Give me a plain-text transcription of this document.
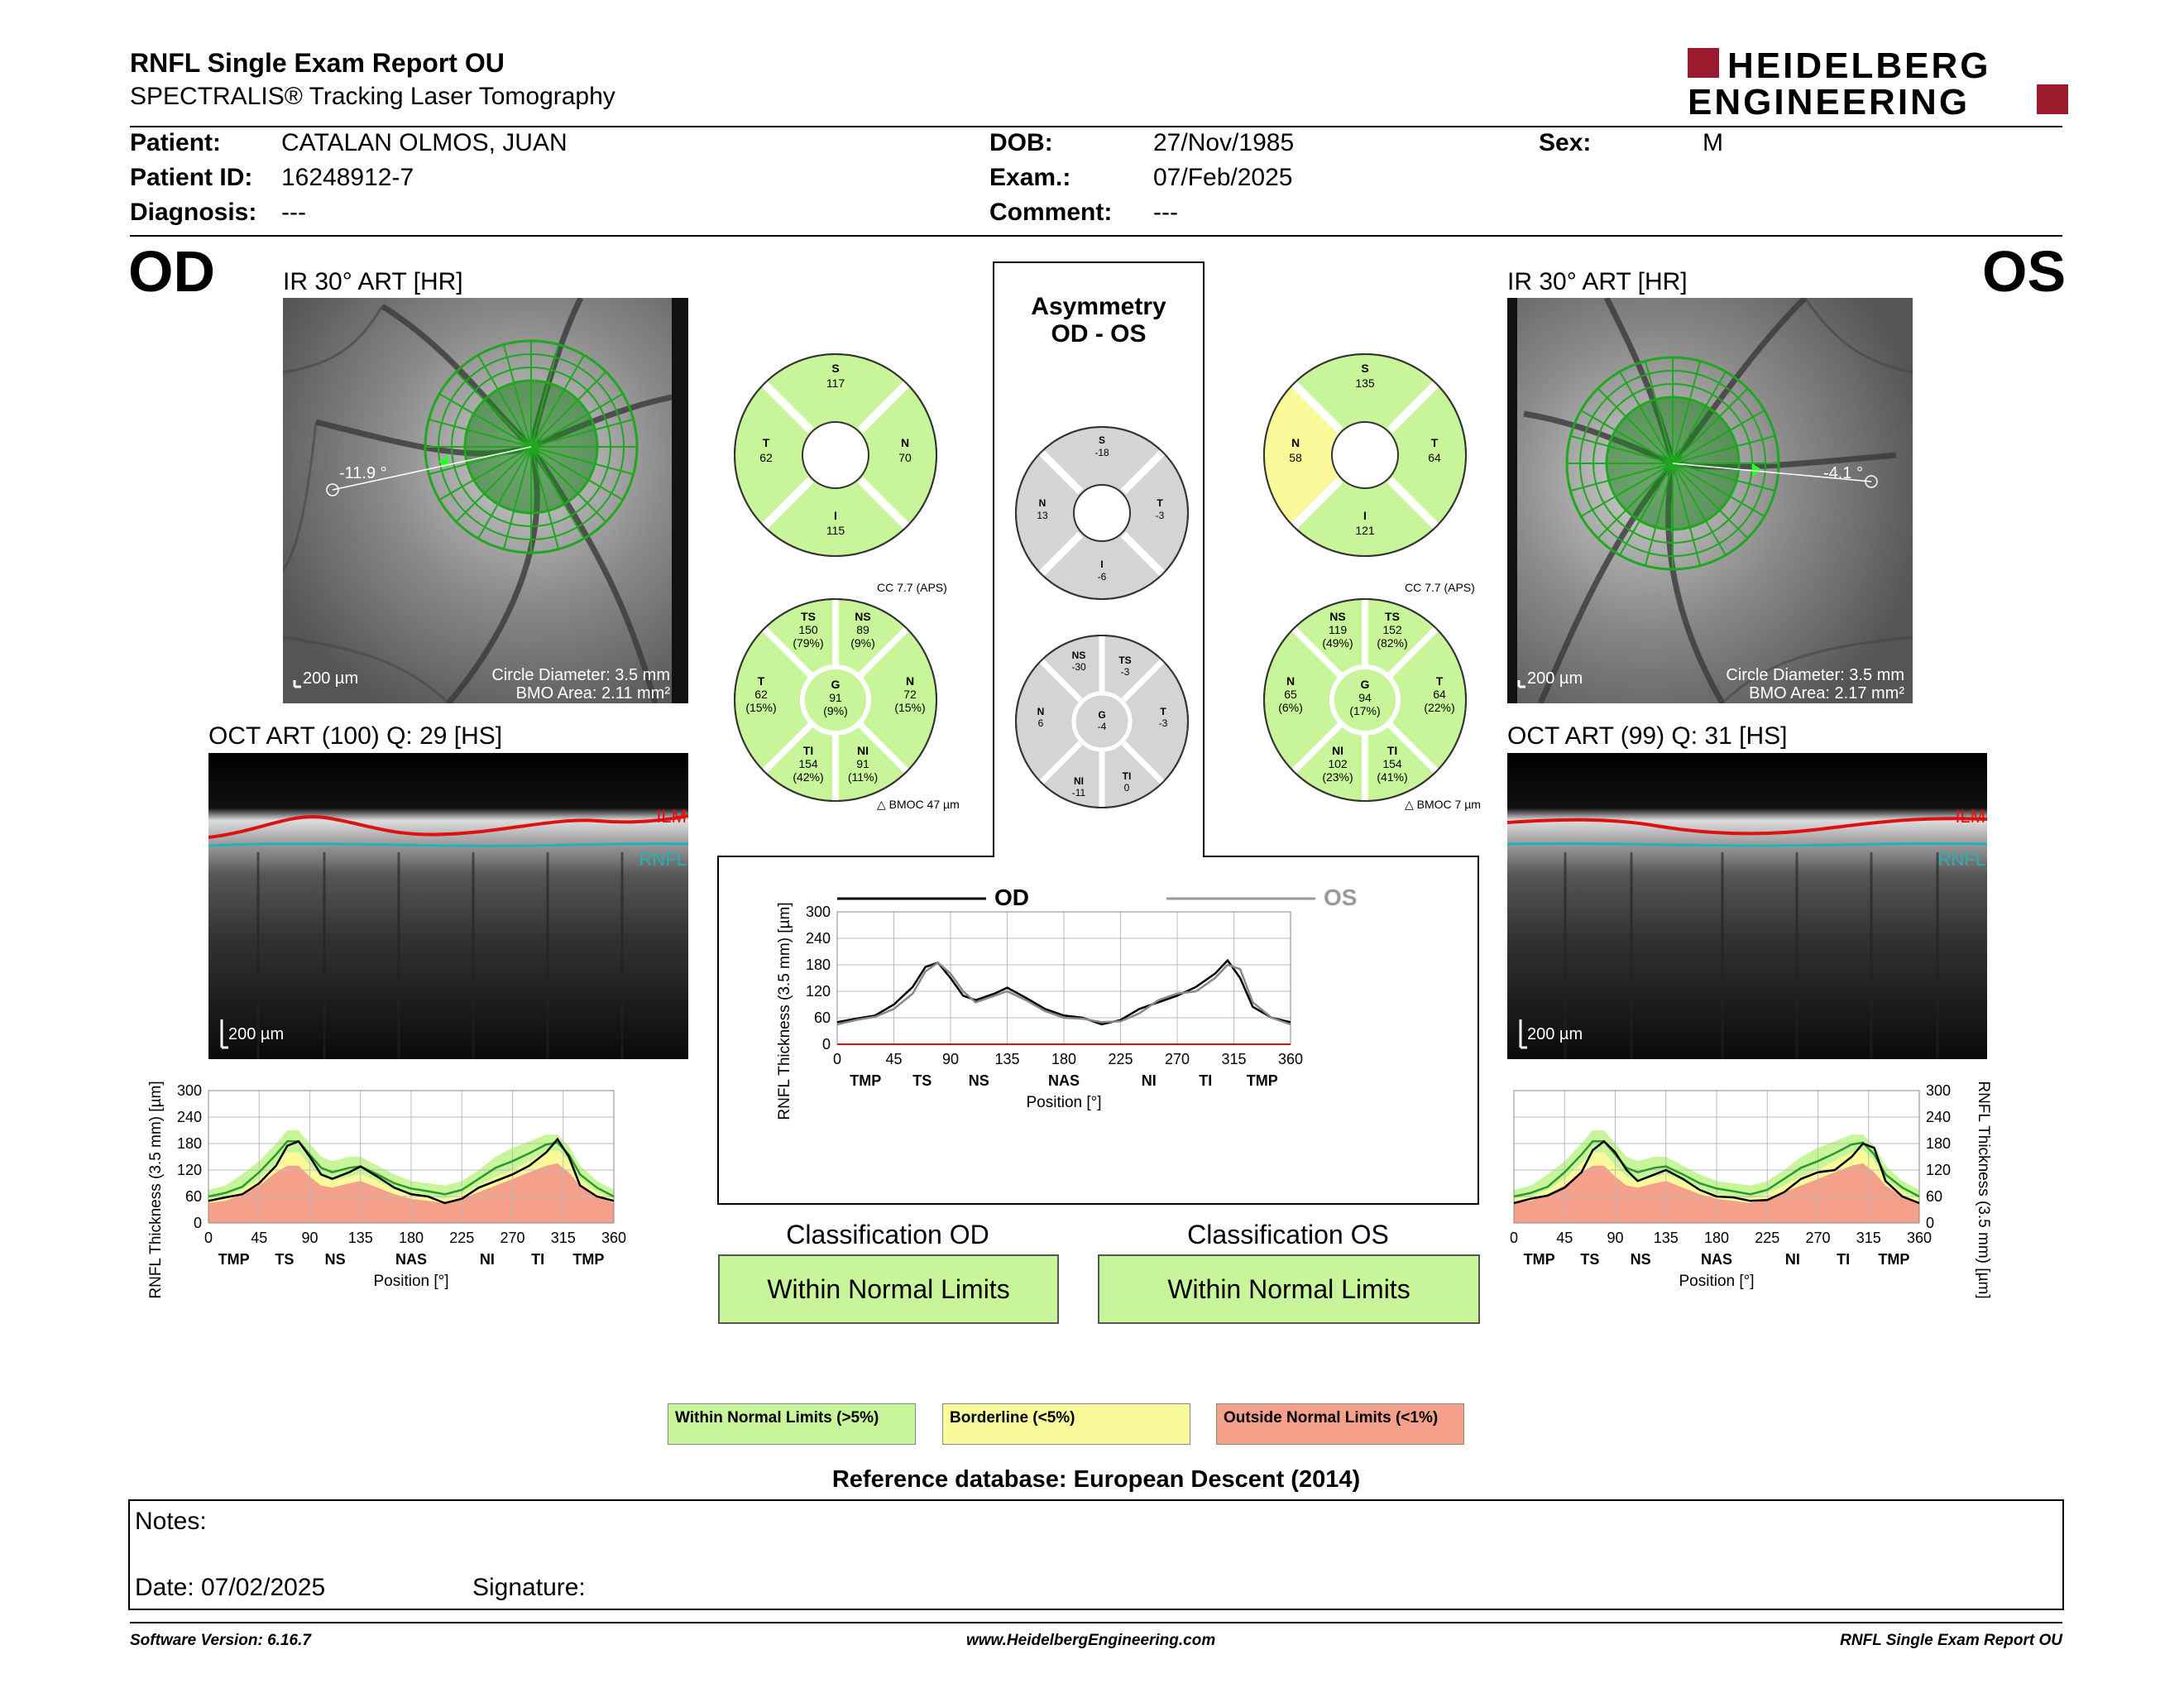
RNFL Single Exam Report OU
SPECTRALIS® Tracking Laser Tomography
HEIDELBERG
ENGINEERING
Patient: CATALAN OLMOS, JUAN
Patient ID: 16248912-7
Diagnosis: ---
DOB:	27/Nov/1985
Exam.:	07/Feb/2025
Comment: ---
Sex:	M
OD	IR 30° ART [HR]
-11.9 °
200 µm	Circle Diameter: 3.5 mm
BMO Area: 2.11 mm²
OCT ART (100) Q: 29 [HS]
ILM
RNFL
200 µm
0
60
120
180
240
300
0	45 90 135 180 225 270 315 360
TMP TS NS	NAS	NI TI TMP
Position [°]
RNFL Thickness (3.5 mm) [µm]
OS
IR 30° ART [HR]
-4.1 °
200 µm	Circle Diameter: 3.5 mm
BMO Area: 2.17 mm²
OCT ART (99) Q: 31 [HS]
ILM
RNFL
200 µm
0
60
120
180
240
300
0	45 90 135 180 225 270 315 360
TMP TS NS	NAS	NI TI TMP
Position [°]	RNFL Thickness (3.5 mm) [µm]
S
117
N
70
I
115
T
62
CC 7.7 (APS)
TS
150
(79%)
NS
89
(9%)
N
72
(15%)
NI
91
(11%)
TI
154
(42%)
T
62
(15%)
G
91
(9%)
△ BMOC 47 µm
S
135
T
64
I
121
N
58
CC 7.7 (APS)
NS
119
(49%)
TS
152
(82%)
T
64
(22%)
TI
154
(41%)
NI
102
(23%)
N
65
(6%)
G
94
(17%)
△ BMOC 7 µm
Asymmetry
OD - OS
S
-18
T
-3
I
-6
N
13
NS
-30
TS
-3
T
-3
TI
0
NI
-11
N
6
G
-4
0
60
120
180
240
300
0	45	90 135 180 225 270 315 360
TMP TS NS	NAS	NI	TI TMP
Position [°]
RNFL Thickness (3.5 mm) [µm]
OD	OS
Classification OD
Within Normal Limits
Classification OS
Within Normal Limits
Within Normal Limits (>5%)	Borderline (<5%)	Outside Normal Limits (<1%)
Reference database: European Descent (2014)
Notes:
Date: 07/02/2025	Signature:
Software Version: 6.16.7	www.HeidelbergEngineering.com	RNFL Single Exam Report OU
